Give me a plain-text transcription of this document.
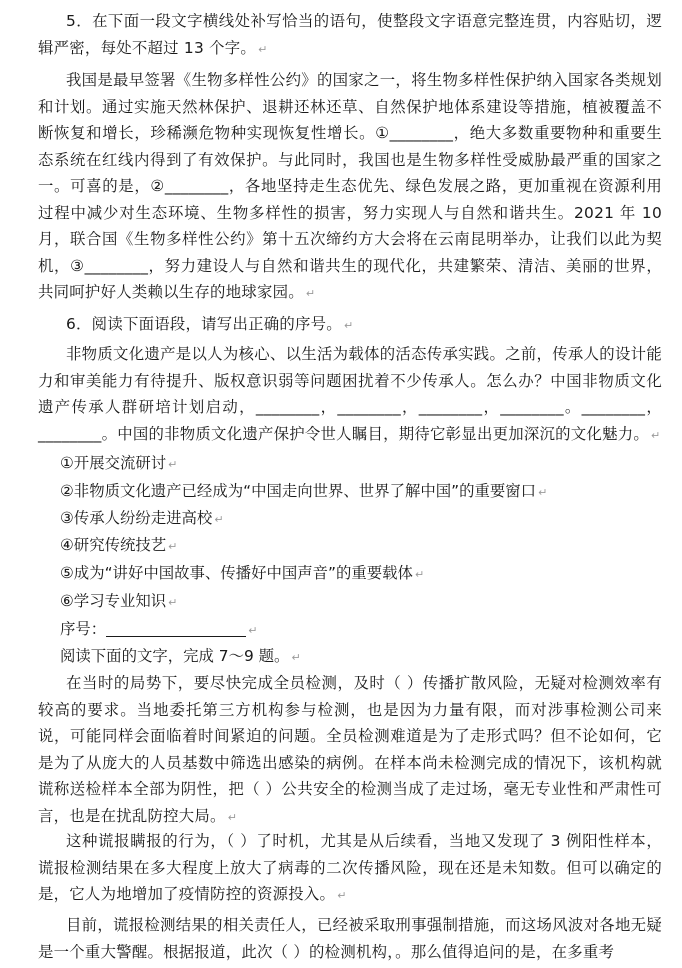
5．在下面一段文字横线处补写恰当的语句，使整段文字语意完整连贯，内容贴切，逻辑严密，每处不超过 13 个字。 ↵

我国是最早签署《生物多样性公约》的国家之一，将生物多样性保护纳入国家各类规划和计划。通过实施天然林保护、退耕还林还草、自然保护地体系建设等措施，植被覆盖不断恢复和增长，珍稀濒危物种实现恢复性增长。①________，绝大多数重要物种和重要生态系统在红线内得到了有效保护。与此同时，我国也是生物多样性受威胁最严重的国家之一。可喜的是，②________，各地坚持走生态优先、绿色发展之路，更加重视在资源利用过程中减少对生态环境、生物多样性的损害，努力实现人与自然和谐共生。2021 年 10 月，联合国《生物多样性公约》第十五次缔约方大会将在云南昆明举办，让我们以此为契机，③________，努力建设人与自然和谐共生的现代化，共建繁荣、清洁、美丽的世界，共同呵护好人类赖以生存的地球家园。 ↵

6．阅读下面语段，请写出正确的序号。 ↵

非物质文化遗产是以人为核心、以生活为载体的活态传承实践。之前，传承人的设计能力和审美能力有待提升、版权意识弱等问题困扰着不少传承人。怎么办？中国非物质文化遗产传承人群研培计划启动，________，________，________，________。________，________。中国的非物质文化遗产保护令世人瞩目，期待它彰显出更加深沉的文化魅力。 ↵

①开展交流研讨 ↵

②非物质文化遗产已经成为“中国走向世界、世界了解中国”的重要窗口 ↵

③传承人纷纷走进高校 ↵

④研究传统技艺 ↵

⑤成为“讲好中国故事、传播好中国声音”的重要载体 ↵

⑥学习专业知识 ↵

序号：	↵

阅读下面的文字，完成 7～9 题。 ↵

在当时的局势下，要尽快完成全员检测，及时（ ）传播扩散风险，无疑对检测效率有较高的要求。当地委托第三方机构参与检测，也是因为力量有限，而对涉事检测公司来说，可能同样会面临着时间紧迫的问题。全员检测难道是为了走形式吗？但不论如何，它是为了从庞大的人员基数中筛选出感染的病例。在样本尚未检测完成的情况下，该机构就谎称送检样本全部为阴性，把（ ）公共安全的检测当成了走过场，毫无专业性和严肃性可言，也是在扰乱防控大局。 ↵

这种谎报瞒报的行为，（ ）了时机，尤其是从后续看，当地又发现了 3 例阳性样本，谎报检测结果在多大程度上放大了病毒的二次传播风险，现在还是未知数。但可以确定的是，它人为地增加了疫情防控的资源投入。 ↵

目前，谎报检测结果的相关责任人，已经被采取刑事强制措施，而这场风波对各地无疑是一个重大警醒。根据报道，此次（ ）的检测机构，。那么值得追问的是，在多重考
